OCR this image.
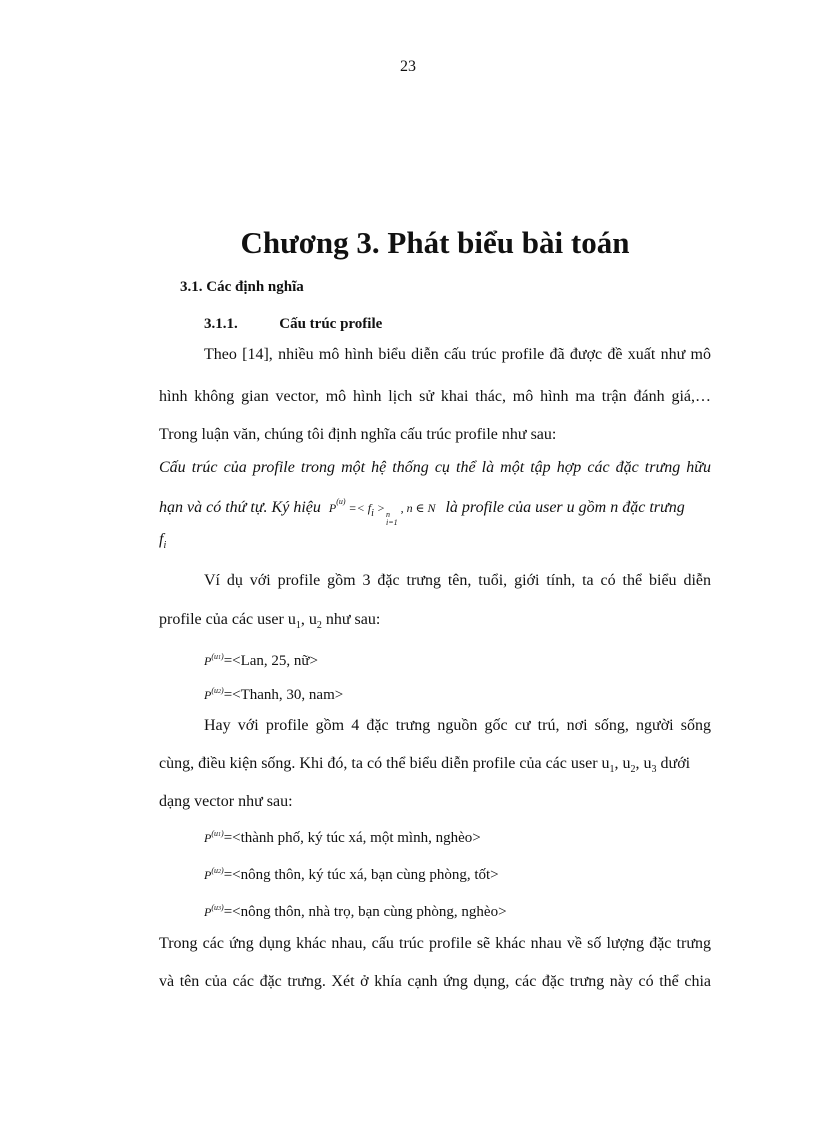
23
Chương 3. Phát biểu bài toán
3.1. Các định nghĩa
3.1.1.	Cấu trúc profile
Theo [14], nhiều mô hình biểu diễn cấu trúc profile đã được đề xuất như mô
hình không gian vector, mô hình lịch sử khai thác, mô hình ma trận đánh giá,…
Trong luận văn, chúng tôi định nghĩa cấu trúc profile như sau:
Cấu trúc của profile trong một hệ thống cụ thể là một tập hợp các đặc trưng hữu
hạn và có thứ tự. Ký hiệu $P^{(u)} =< f_i > n$
i=1
, n ∈ N là profile của user u gồm n đặc trưng
$f_i$
Ví dụ với profile gồm 3 đặc trưng tên, tuổi, giới tính, ta có thể biểu diễn
profile của các user $u_1$, $u_2$ như sau:
$P^{(u1)}=<Lan$, 25, nữ>
$P^{(u2)}=<Thanh$, 30, nam>
Hay với profile gồm 4 đặc trưng nguồn gốc cư trú, nơi sống, người sống
cùng, điều kiện sống. Khi đó, ta có thể biểu diễn profile của các user $u_1$, $u_2$, $u_3$ dưới
dạng vector như sau:
$P^{(u1)}=<thành$ phố, ký túc xá, một mình, nghèo>
$P^{(u2)}=<nông$ thôn, ký túc xá, bạn cùng phòng, tốt>
$P^{(u3)}=<nông$ thôn, nhà trọ, bạn cùng phòng, nghèo>
Trong các ứng dụng khác nhau, cấu trúc profile sẽ khác nhau về số lượng đặc trưng
và tên của các đặc trưng. Xét ở khía cạnh ứng dụng, các đặc trưng này có thể chia
